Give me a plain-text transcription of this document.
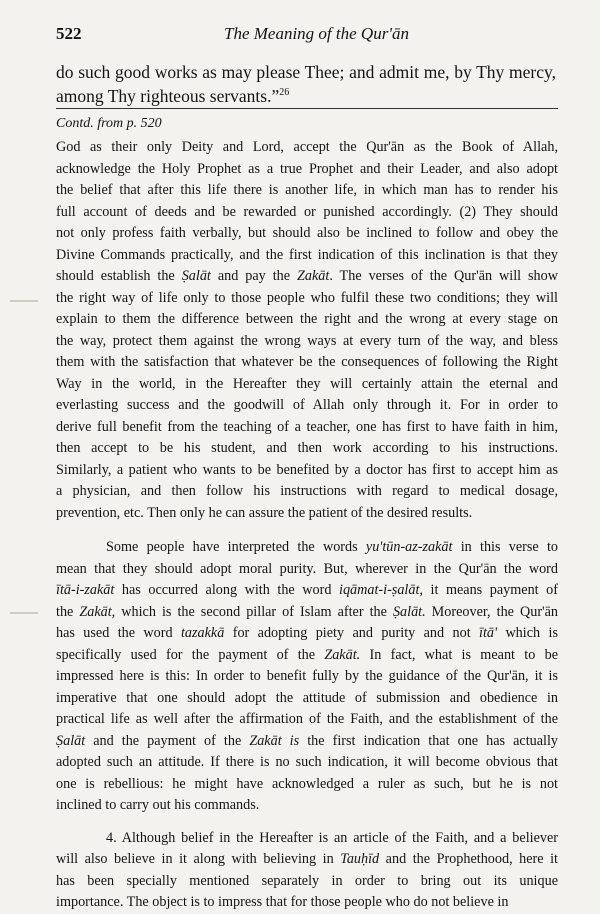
522	The Meaning of the Qur'ān
do such good works as may please Thee; and admit me, by Thy mercy,
among Thy righteous servants.”$^{26}$
Contd. from p. 520

God as their only Deity and Lord, accept the Qur'ān as the Book of Allah,
acknowledge the Holy Prophet as a true Prophet and their Leader, and also adopt
the belief that after this life there is another life, in which man has to render his
full account of deeds and be rewarded or punished accordingly. (2) They should
not only profess faith verbally, but should also be inclined to follow and obey the
Divine Commands practically, and the first indication of this inclination is that they
should establish the Ṣalāt and pay the Zakāt. The verses of the Qur'ān will show
the right way of life only to those people who fulfil these two conditions; they will
explain to them the difference between the right and the wrong at every stage on
the way, protect them against the wrong ways at every turn of the way, and bless
them with the satisfaction that whatever be the consequences of following the Right
Way in the world, in the Hereafter they will certainly attain the eternal and
everlasting success and the goodwill of Allah only through it. For in order to
derive full benefit from the teaching of a teacher, one has first to have faith in him,
then accept to be his student, and then work according to his instructions.
Similarly, a patient who wants to be benefited by a doctor has first to accept him as
a physician, and then follow his instructions with regard to medical dosage,
prevention, etc. Then only he can assure the patient of the desired results.

Some people have interpreted the words yu'tūn-az-zakāt in this verse to
mean that they should adopt moral purity. But, wherever in the Qur'ān the word
ītā-i-zakāt has occurred along with the word iqāmat-i-ṣalāt, it means payment of
the Zakāt, which is the second pillar of Islam after the Ṣalāt. Moreover, the Qur'ān
has used the word tazakkā for adopting piety and purity and not ītā' which is
specifically used for the payment of the Zakāt. In fact, what is meant to be
impressed here is this: In order to benefit fully by the guidance of the Qur'ān, it is
imperative that one should adopt the attitude of submission and obedience in
practical life as well after the affirmation of the Faith, and the establishment of the
Ṣalāt and the payment of the Zakāt is the first indication that one has actually
adopted such an attitude. If there is no such indication, it will become obvious that
one is rebellious: he might have acknowledged a ruler as such, but he is not
inclined to carry out his commands.

4. Although belief in the Hereafter is an article of the Faith, and a believer
will also believe in it along with believing in Tauḥīd and the Prophethood, here it
has been specially mentioned separately in order to bring out its unique
importance. The object is to impress that for those people who do not believe in
